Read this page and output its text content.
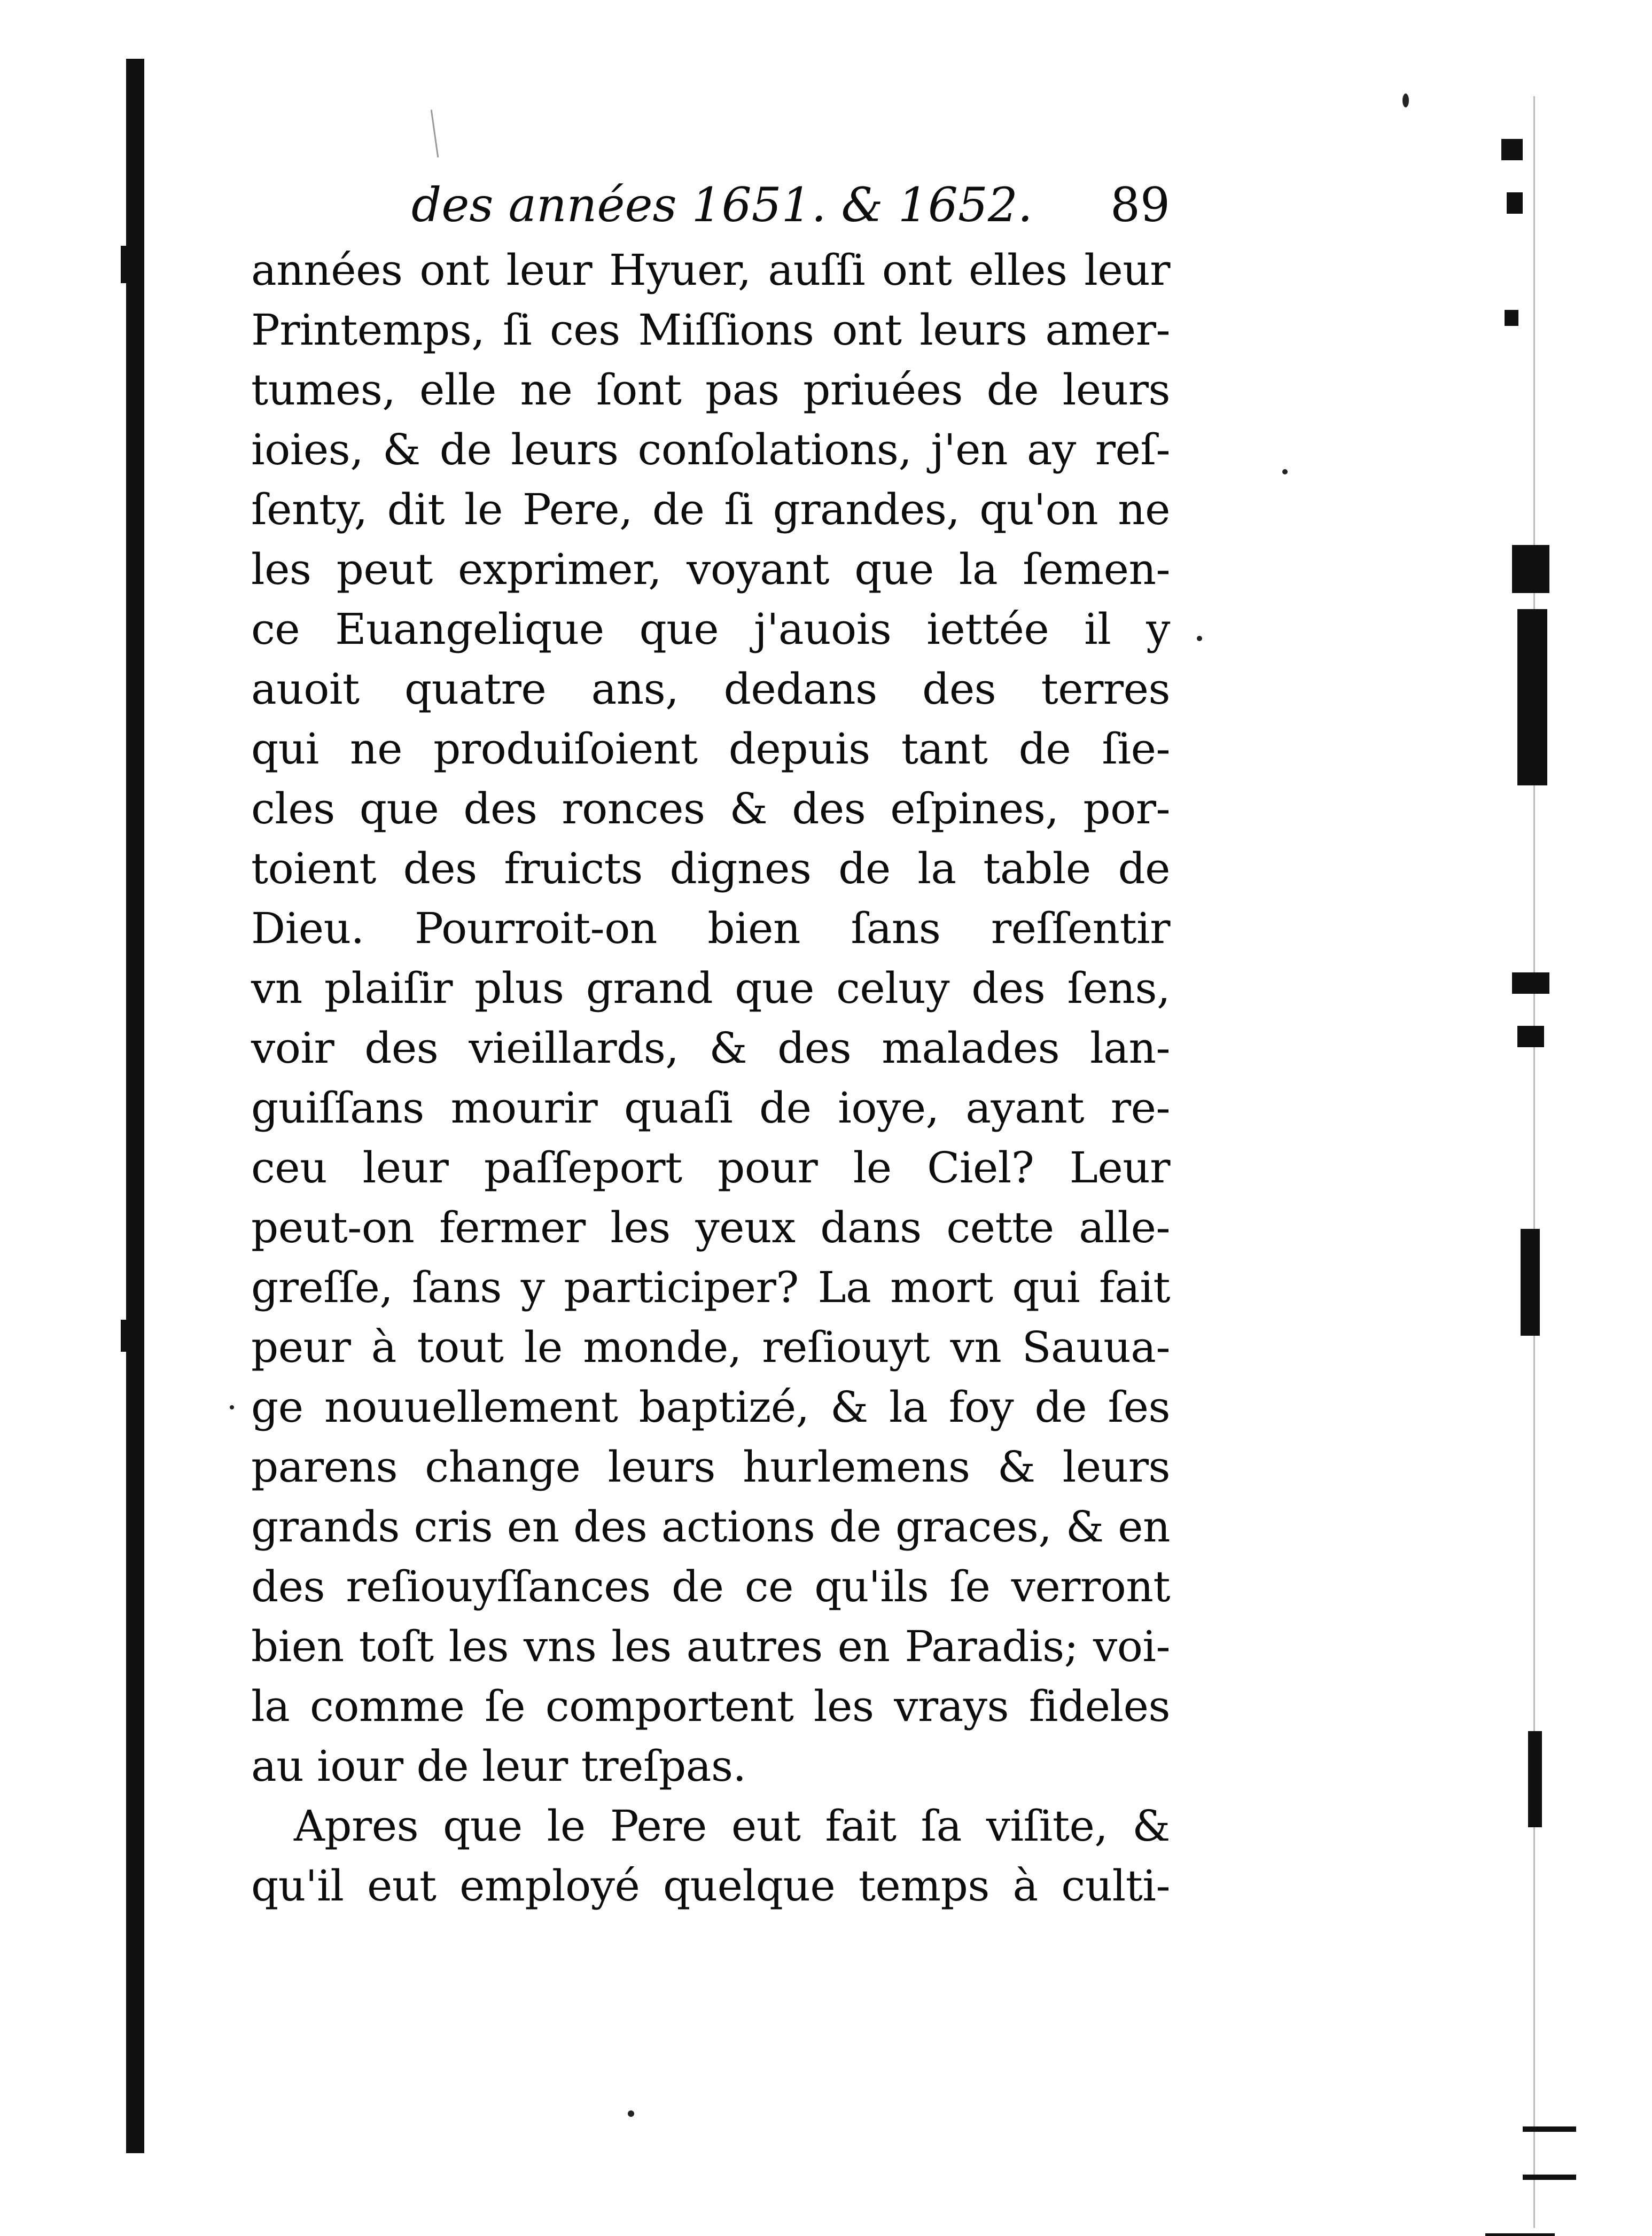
des années 1651. & 1652. 89
années ont leur Hyuer, auſſi ont elles leur
Printemps, ſi ces Miſſions ont leurs amer-
tumes, elle ne ſont pas priuées de leurs
ioies, & de leurs conſolations, j'en ay reſ-
ſenty, dit le Pere, de ſi grandes, qu'on ne
les peut exprimer, voyant que la ſemen-
ce Euangelique que j'auois iettée il y
auoit quatre ans, dedans des terres
qui ne produiſoient depuis tant de ſie-
cles que des ronces & des eſpines, por-
toient des fruicts dignes de la table de
Dieu. Pourroit-on bien ſans reſſentir
vn plaiſir plus grand que celuy des ſens,
voir des vieillards, & des malades lan-
guiſſans mourir quaſi de ioye, ayant re-
ceu leur paſſeport pour le Ciel? Leur
peut-on fermer les yeux dans cette alle-
greſſe, ſans y participer? La mort qui fait
peur à tout le monde, reſiouyt vn Sauua-
ge nouuellement baptizé, & la foy de ſes
parens change leurs hurlemens & leurs
grands cris en des actions de graces, & en
des reſiouyſſances de ce qu'ils ſe verront
bien toſt les vns les autres en Paradis; voi-
la comme ſe comportent les vrays fideles
au iour de leur treſpas.
Apres que le Pere eut fait ſa viſite, &
qu'il eut employé quelque temps à culti-
